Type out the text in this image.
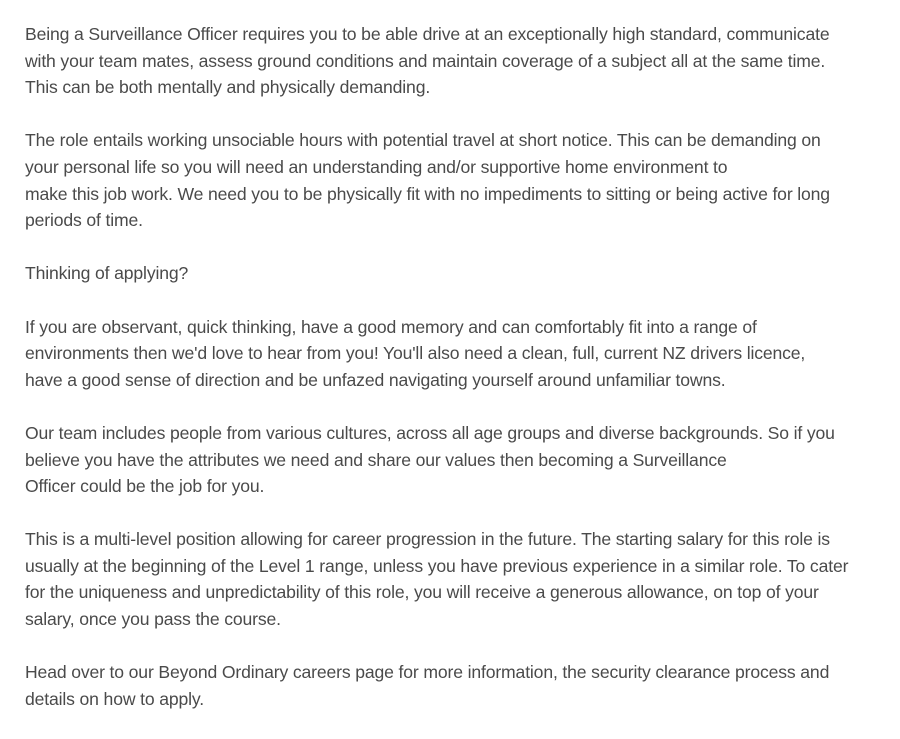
Being a Surveillance Officer requires you to be able drive at an exceptionally high standard, communicate
with your team mates, assess ground conditions and maintain coverage of a subject all at the same time.
This can be both mentally and physically demanding.

The role entails working unsociable hours with potential travel at short notice. This can be demanding on
your personal life so you will need an understanding and/or supportive home environment to
make this job work. We need you to be physically fit with no impediments to sitting or being active for long
periods of time.

Thinking of applying?

If you are observant, quick thinking, have a good memory and can comfortably fit into a range of
environments then we'd love to hear from you! You'll also need a clean, full, current NZ drivers licence,
have a good sense of direction and be unfazed navigating yourself around unfamiliar towns.

Our team includes people from various cultures, across all age groups and diverse backgrounds. So if you
believe you have the attributes we need and share our values then becoming a Surveillance
Officer could be the job for you.

This is a multi-level position allowing for career progression in the future. The starting salary for this role is
usually at the beginning of the Level 1 range, unless you have previous experience in a similar role. To cater
for the uniqueness and unpredictability of this role, you will receive a generous allowance, on top of your
salary, once you pass the course.

Head over to our Beyond Ordinary careers page for more information, the security clearance process and
details on how to apply.
